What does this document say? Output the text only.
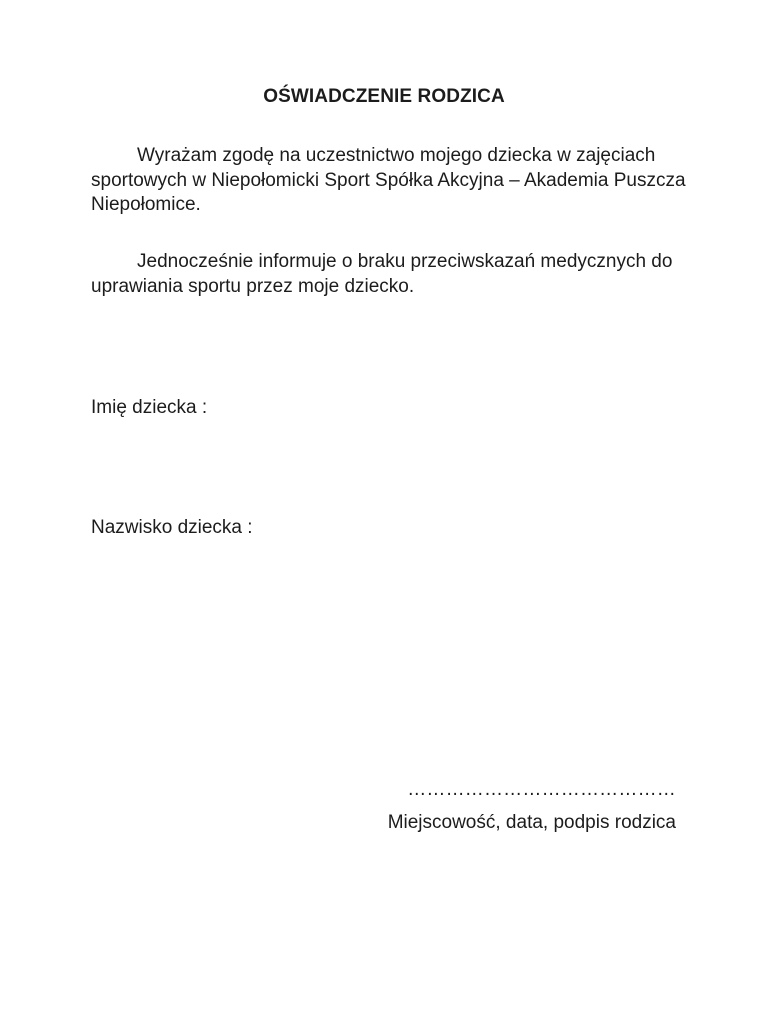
OŚWIADCZENIE RODZICA

Wyrażam zgodę na uczestnictwo mojego dziecka w zajęciach sportowych w Niepołomicki Sport Spółka Akcyjna – Akademia Puszcza Niepołomice.

Jednocześnie informuje o braku przeciwskazań medycznych do uprawiania sportu przez moje dziecko.

Imię dziecka :
Nazwisko dziecka :
……………………………………
Miejscowość, data, podpis rodzica
